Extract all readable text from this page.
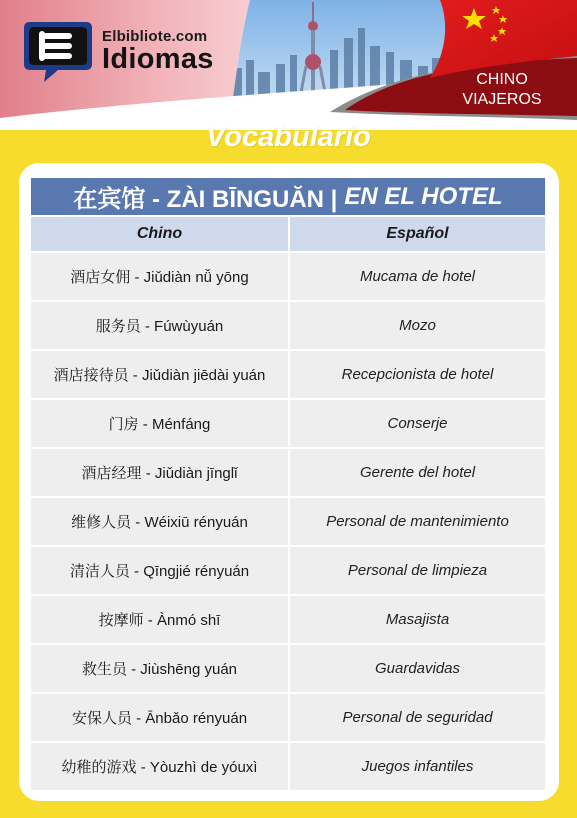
Elbibliote.com
Idiomas
CHINO
VIAJEROS
Vocabulario
在宾馆 - ZÀI BĪNGUĂN | EN EL HOTEL
Chino	Español
酒店女佣 - Jiǔdiàn nǚ yōng	Mucama de hotel
服务员 - Fúwùyuán	Mozo
酒店接待员 - Jiǔdiàn jiēdài yuán	Recepcionista de hotel
门房 - Ménfáng	Conserje
酒店经理 - Jiǔdiàn jīnglǐ	Gerente del hotel
维修人员 - Wéixiū rényuán	Personal de mantenimiento
清洁人员 - Qīngjié rényuán	Personal de limpieza
按摩师 - Ànmó shī	Masajista
救生员 - Jiùshēng yuán	Guardavidas
安保人员 - Ānbǎo rényuán	Personal de seguridad
幼稚的游戏 - Yòuzhì de yóuxì	Juegos infantiles
